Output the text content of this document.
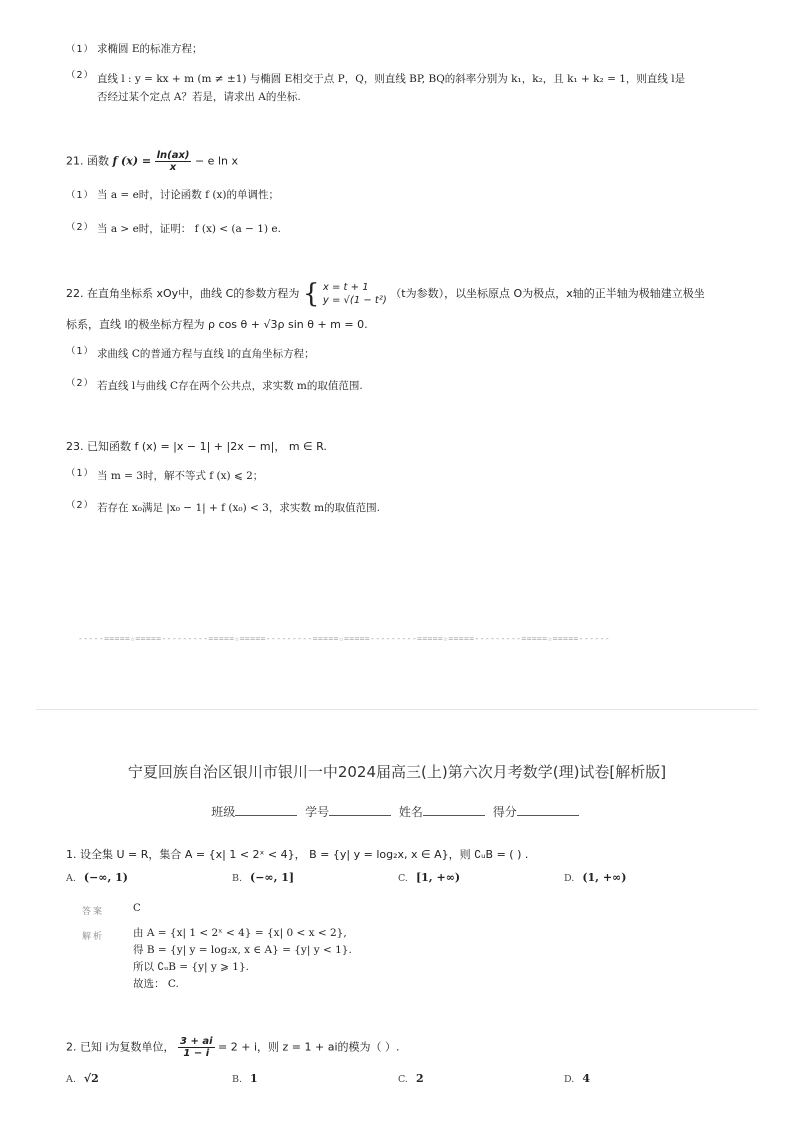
（1） 求椭圆 E的标准方程；
（2） 直线 l : y = kx + m (m ≠ ±1) 与椭圆 E相交于点 P，Q，则直线 BP, BQ的斜率分别为 k₁，k₂，且 k₁ + k₂ = 1，则直线 l是
否经过某个定点 A？若是，请求出 A的坐标.
21. 函数 f $(x) = \frac{\ln(ax)}{x} - e$ ln x
（1） 当 a = e时，讨论函数 f (x)的单调性；
（2） 当 a > e时，证明： f (x) < (a − 1) e.
22. 在直角坐标系 xOy中，曲线 C的参数方程为 { x = t + 1
y = √(1 − t²)
（t为参数），以坐标原点 O为极点，x轴的正半轴为极轴建立极坐
标系，直线 l的极坐标方程为 ρ cos θ + √3ρ sin θ + m = 0.
（1） 求曲线 C的普通方程与直线 l的直角坐标方程；
（2） 若直线 l与曲线 C存在两个公共点，求实数 m的取值范围.
23. 已知函数 f (x) = |x − 1| + |2x − m|， m ∈ R.
（1） 当 m = 3时，解不等式 f (x) ⩽ 2；
（2） 若存在 x₀满足 |x₀ − 1| + f (x₀) < 3，求实数 m的取值范围.
-----=====☆=====---------=====☆=====---------=====☆=====---------=====☆=====---------=====☆=====------
宁夏回族自治区银川市银川一中2024届高三(上)第六次月考数学(理)试卷[解析版]
班级	学号	姓名	得分
1. 设全集 U = R，集合 A = {x| 1 < 2ˣ < 4}， B = {y| y = log₂x, x ∈ A}，则 ∁ᵤB = ( ) .
A. (−∞, 1)	B. (−∞, 1]	C. [1, +∞)	D. (1, +∞)
答案	C
解析	由 A = {x| 1 < 2ˣ < 4} = {x| 0 < x < 2},
得 B = {y| y = log₂x, x ∈ A} = {y| y < 1}.
所以 ∁ᵤB = {y| y ⩾ 1}.
故选： C.
2. 已知 i为复数单位， $\frac{3 + ai}{1 - i} = 2 + i$，则 z = 1 + ai的模为（ ）.
A. √2	B. 1	C. 2	D. 4
